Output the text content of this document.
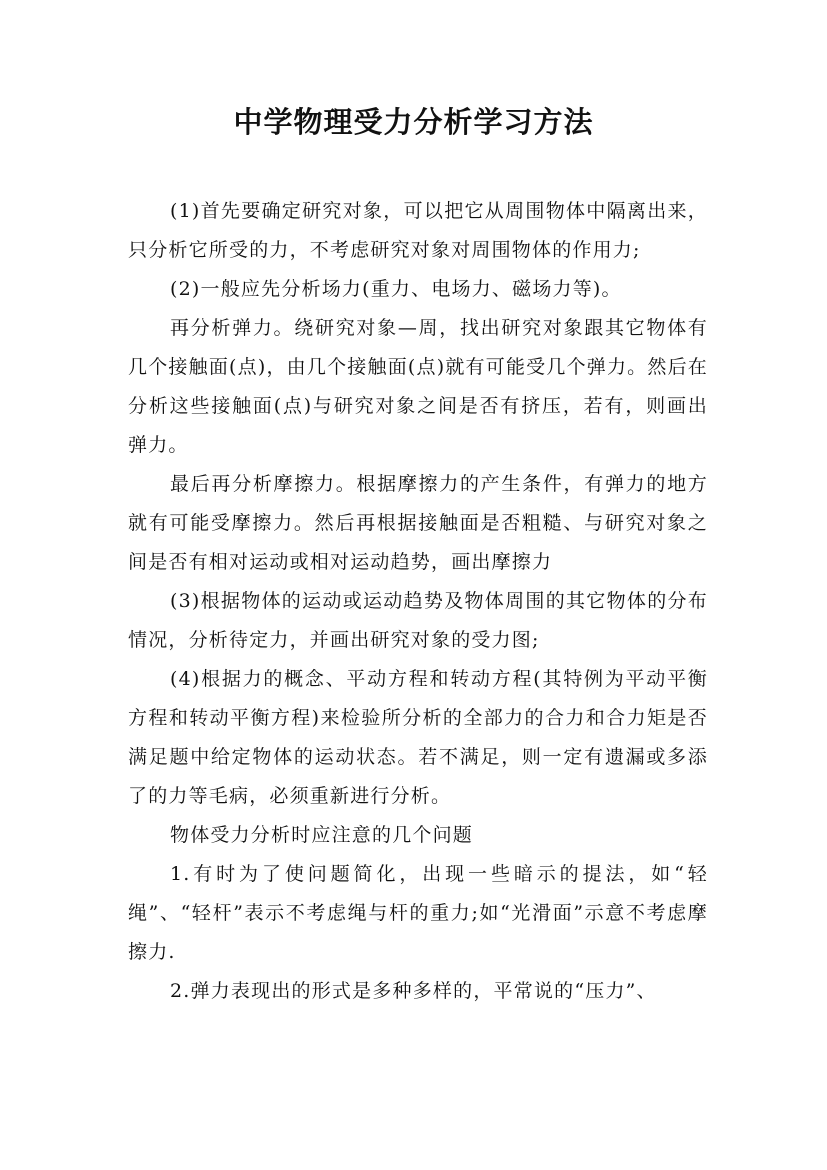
中学物理受力分析学习方法

(1)首先要确定研究对象，可以把它从周围物体中隔离出来，只分析它所受的力，不考虑研究对象对周围物体的作用力;

(2)一般应先分析场力(重力、电场力、磁场力等)。

再分析弹力。绕研究对象—周，找出研究对象跟其它物体有几个接触面(点)，由几个接触面(点)就有可能受几个弹力。然后在分析这些接触面(点)与研究对象之间是否有挤压，若有，则画出弹力。

最后再分析摩擦力。根据摩擦力的产生条件，有弹力的地方就有可能受摩擦力。然后再根据接触面是否粗糙、与研究对象之间是否有相对运动或相对运动趋势，画出摩擦力

(3)根据物体的运动或运动趋势及物体周围的其它物体的分布情况，分析待定力，并画出研究对象的受力图;

(4)根据力的概念、平动方程和转动方程(其特例为平动平衡方程和转动平衡方程)来检验所分析的全部力的合力和合力矩是否满足题中给定物体的运动状态。若不满足，则一定有遗漏或多添了的力等毛病，必须重新进行分析。

物体受力分析时应注意的几个问题

1.有时为了使问题简化，出现一些暗示的提法，如“轻绳”、“轻杆”表示不考虑绳与杆的重力;如“光滑面”示意不考虑摩擦力.

2.弹力表现出的形式是多种多样的，平常说的“压力”、
